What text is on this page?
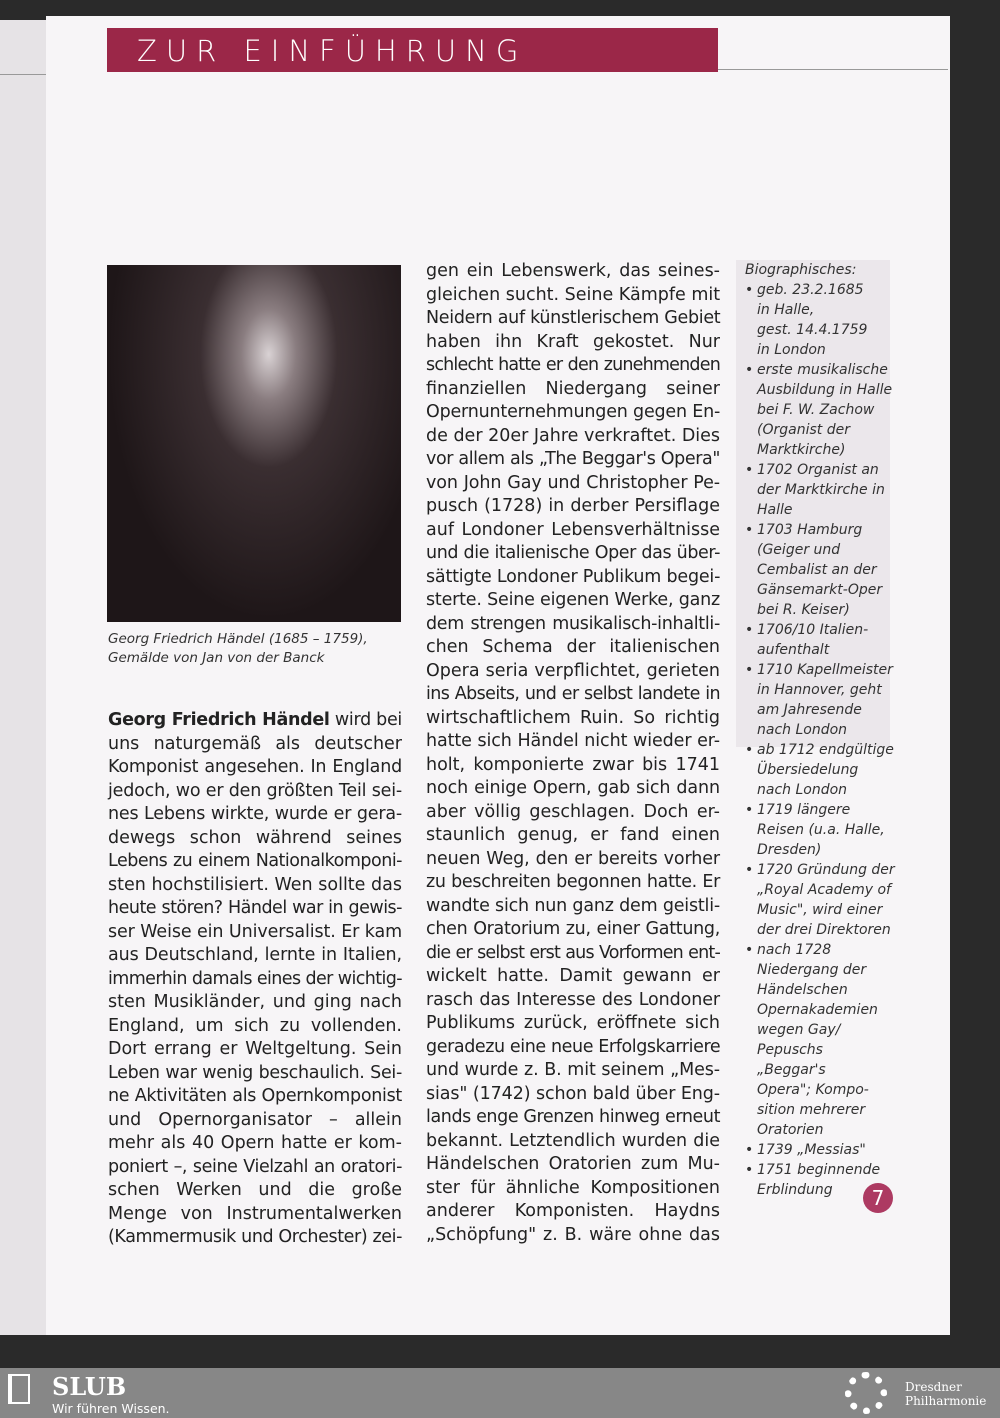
ZUR EINFÜHRUNG
Georg Friedrich Händel (1685 – 1759),
Gemälde von Jan von der Banck
Georg Friedrich Händel wird bei
uns naturgemäß als deutscher
Komponist angesehen. In England
jedoch, wo er den größten Teil sei-
nes Lebens wirkte, wurde er gera-
dewegs schon während seines
Lebens zu einem Nationalkomponi-
sten hochstilisiert. Wen sollte das
heute stören? Händel war in gewis-
ser Weise ein Universalist. Er kam
aus Deutschland, lernte in Italien,
immerhin damals eines der wichtig-
sten Musikländer, und ging nach
England, um sich zu vollenden.
Dort errang er Weltgeltung. Sein
Leben war wenig beschaulich. Sei-
ne Aktivitäten als Opernkomponist
und Opernorganisator – allein
mehr als 40 Opern hatte er kom-
poniert –, seine Vielzahl an oratori-
schen Werken und die große
Menge von Instrumentalwerken
(Kammermusik und Orchester) zei-
gen ein Lebenswerk, das seines-
gleichen sucht. Seine Kämpfe mit
Neidern auf künstlerischem Gebiet
haben ihn Kraft gekostet. Nur
schlecht hatte er den zunehmenden
finanziellen Niedergang seiner
Opernunternehmungen gegen En-
de der 20er Jahre verkraftet. Dies
vor allem als „The Beggar's Opera"
von John Gay und Christopher Pe-
pusch (1728) in derber Persiflage
auf Londoner Lebensverhältnisse
und die italienische Oper das über-
sättigte Londoner Publikum begei-
sterte. Seine eigenen Werke, ganz
dem strengen musikalisch-inhaltli-
chen Schema der italienischen
Opera seria verpflichtet, gerieten
ins Abseits, und er selbst landete in
wirtschaftlichem Ruin. So richtig
hatte sich Händel nicht wieder er-
holt, komponierte zwar bis 1741
noch einige Opern, gab sich dann
aber völlig geschlagen. Doch er-
staunlich genug, er fand einen
neuen Weg, den er bereits vorher
zu beschreiten begonnen hatte. Er
wandte sich nun ganz dem geistli-
chen Oratorium zu, einer Gattung,
die er selbst erst aus Vorformen ent-
wickelt hatte. Damit gewann er
rasch das Interesse des Londoner
Publikums zurück, eröffnete sich
geradezu eine neue Erfolgskarriere
und wurde z. B. mit seinem „Mes-
sias" (1742) schon bald über Eng-
lands enge Grenzen hinweg erneut
bekannt. Letztendlich wurden die
Händelschen Oratorien zum Mu-
ster für ähnliche Kompositionen
anderer Komponisten. Haydns
„Schöpfung" z. B. wäre ohne das
Biographisches:
• geb. 23.2.1685
in Halle,
gest. 14.4.1759
in London
• erste musikalische
Ausbildung in Halle
bei F. W. Zachow
(Organist der
Marktkirche)
• 1702 Organist an
der Marktkirche in
Halle
• 1703 Hamburg
(Geiger und
Cembalist an der
Gänsemarkt-Oper
bei R. Keiser)
• 1706/10 Italien-
aufenthalt
• 1710 Kapellmeister
in Hannover, geht
am Jahresende
nach London
• ab 1712 endgültige
Übersiedelung
nach London
• 1719 längere
Reisen (u.a. Halle,
Dresden)
• 1720 Gründung der
„Royal Academy of
Music", wird einer
der drei Direktoren
• nach 1728
Niedergang der
Händelschen
Opernakademien
wegen Gay/
Pepuschs „Beggar's
Opera"; Kompo-
sition mehrerer
Oratorien
• 1739 „Messias"
• 1751 beginnende
Erblindung	7
SLUB
Wir führen Wissen.
Dresdner
Philharmonie
